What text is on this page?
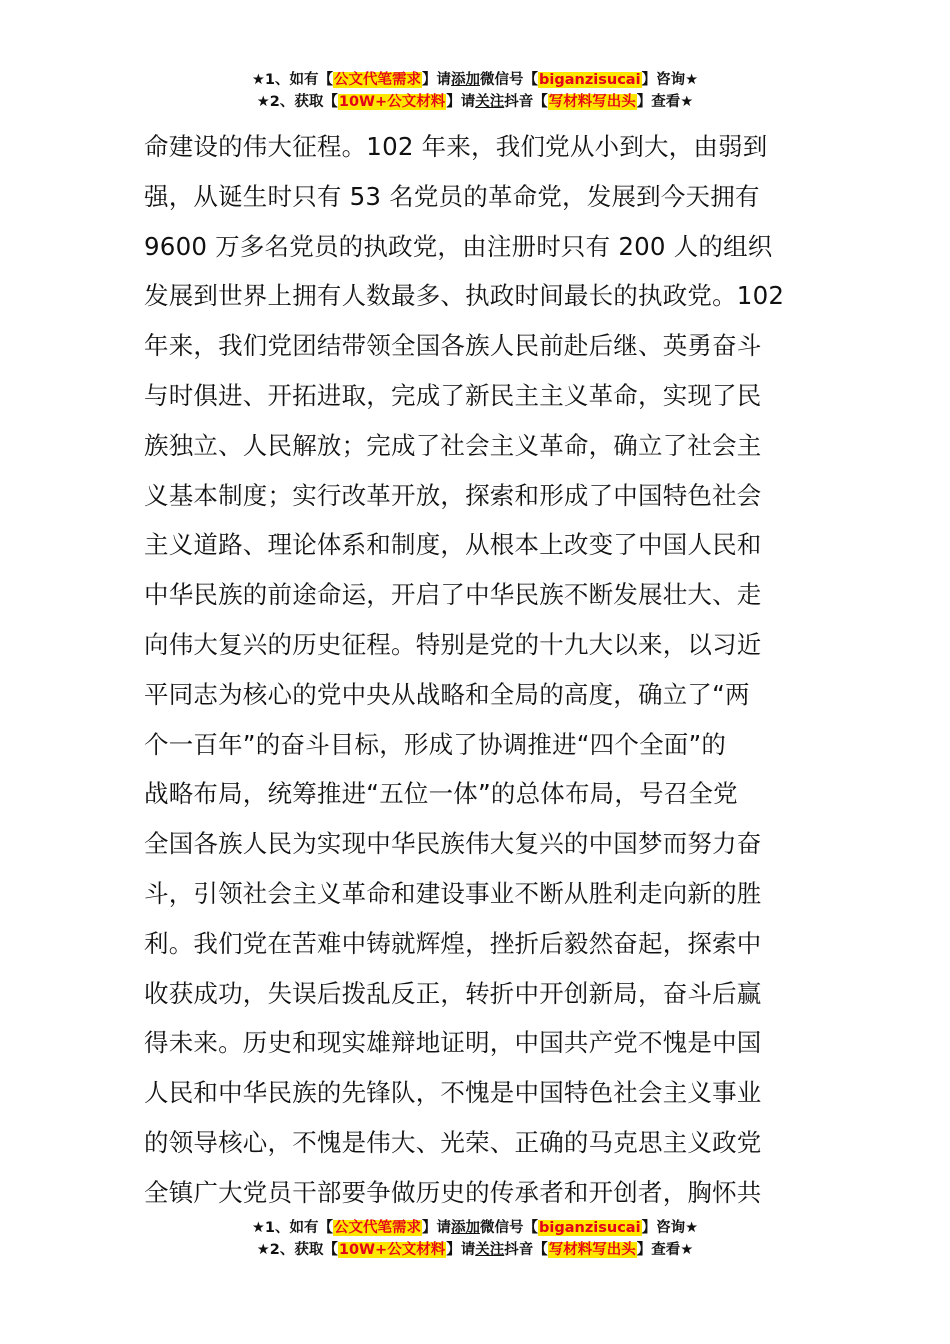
★1、如有【公文代笔需求】请添加微信号【biganzisucai】咨询★
★2、获取【10W+公文材料】请关注抖音【写材料写出头】查看★
命建设的伟大征程。102 年来，我们党从小到大，由弱到
强，从诞生时只有 53 名党员的革命党，发展到今天拥有
9600 万多名党员的执政党，由注册时只有 200 人的组织
发展到世界上拥有人数最多、执政时间最长的执政党。102
年来，我们党团结带领全国各族人民前赴后继、英勇奋斗
与时俱进、开拓进取，完成了新民主主义革命，实现了民
族独立、人民解放；完成了社会主义革命，确立了社会主
义基本制度；实行改革开放，探索和形成了中国特色社会
主义道路、理论体系和制度，从根本上改变了中国人民和
中华民族的前途命运，开启了中华民族不断发展壮大、走
向伟大复兴的历史征程。特别是党的十九大以来，以习近
平同志为核心的党中央从战略和全局的高度，确立了“两
个一百年”的奋斗目标，形成了协调推进“四个全面”的
战略布局，统筹推进“五位一体”的总体布局，号召全党
全国各族人民为实现中华民族伟大复兴的中国梦而努力奋
斗，引领社会主义革命和建设事业不断从胜利走向新的胜
利。我们党在苦难中铸就辉煌，挫折后毅然奋起，探索中
收获成功，失误后拨乱反正，转折中开创新局，奋斗后赢
得未来。历史和现实雄辩地证明，中国共产党不愧是中国
人民和中华民族的先锋队，不愧是中国特色社会主义事业
的领导核心，不愧是伟大、光荣、正确的马克思主义政党
全镇广大党员干部要争做历史的传承者和开创者，胸怀共
★1、如有【公文代笔需求】请添加微信号【biganzisucai】咨询★
★2、获取【10W+公文材料】请关注抖音【写材料写出头】查看★
